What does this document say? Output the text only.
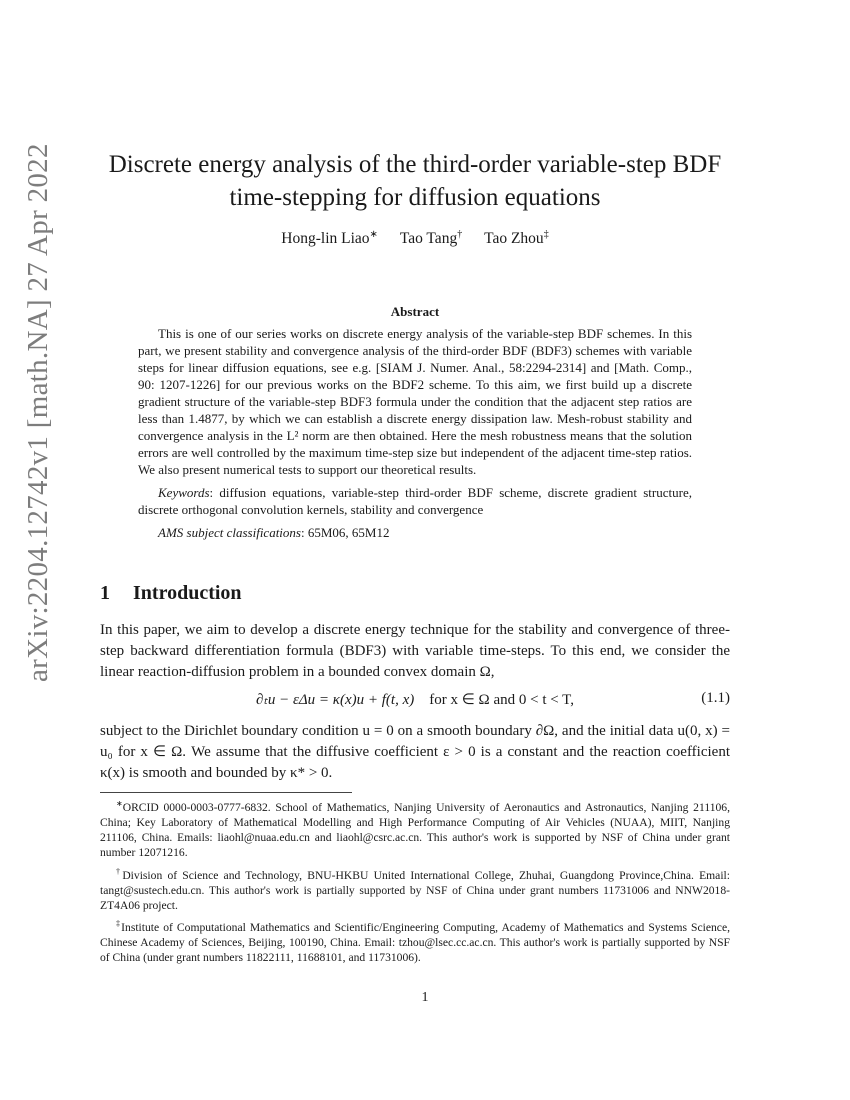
arXiv:2204.12742v1 [math.NA] 27 Apr 2022	Discrete energy analysis of the third-order variable-step BDF
time-stepping for diffusion equations
Hong-lin Liao∗ Tao Tang† Tao Zhou‡
Abstract

This is one of our series works on discrete energy analysis of the variable-step BDF schemes. In this part, we present stability and convergence analysis of the third-order BDF (BDF3) schemes with variable steps for linear diffusion equations, see e.g. [SIAM J. Numer. Anal., 58:2294-2314] and [Math. Comp., 90: 1207-1226] for our previous works on the BDF2 scheme. To this aim, we first build up a discrete gradient structure of the variable-step BDF3 formula under the condition that the adjacent step ratios are less than 1.4877, by which we can establish a discrete energy dissipation law. Mesh-robust stability and convergence analysis in the L² norm are then obtained. Here the mesh robustness means that the solution errors are well controlled by the maximum time-step size but independent of the adjacent time-step ratios. We also present numerical tests to support our theoretical results.

Keywords: diffusion equations, variable-step third-order BDF scheme, discrete gradient structure, discrete orthogonal convolution kernels, stability and convergence

AMS subject classifications: 65M06, 65M12

1 Introduction

In this paper, we aim to develop a discrete energy technique for the stability and convergence of three-step backward differentiation formula (BDF3) with variable time-steps. To this end, we consider the linear reaction-diffusion problem in a bounded convex domain Ω,

∂ₜu − εΔu = κ(x)u + f(t, x) for x ∈ Ω and 0 < t < T,	(1.1)

subject to the Dirichlet boundary condition u = 0 on a smooth boundary ∂Ω, and the initial data u(0, x) = u₀ for x ∈ Ω. We assume that the diffusive coefficient ε > 0 is a constant and the reaction coefficient κ(x) is smooth and bounded by κ* > 0.

∗ORCID 0000-0003-0777-6832. School of Mathematics, Nanjing University of Aeronautics and Astronautics, Nanjing 211106, China; Key Laboratory of Mathematical Modelling and High Performance Computing of Air Vehicles (NUAA), MIIT, Nanjing 211106, China. Emails: liaohl@nuaa.edu.cn and liaohl@csrc.ac.cn. This author's work is supported by NSF of China under grant number 12071216.

†Division of Science and Technology, BNU-HKBU United International College, Zhuhai, Guangdong Province,China. Email: tangt@sustech.edu.cn. This author's work is partially supported by NSF of China under grant numbers 11731006 and NNW2018-ZT4A06 project.

‡Institute of Computational Mathematics and Scientific/Engineering Computing, Academy of Mathematics and Systems Science, Chinese Academy of Sciences, Beijing, 100190, China. Email: tzhou@lsec.cc.ac.cn. This author's work is partially supported by NSF of China (under grant numbers 11822111, 11688101, and 11731006).

1
